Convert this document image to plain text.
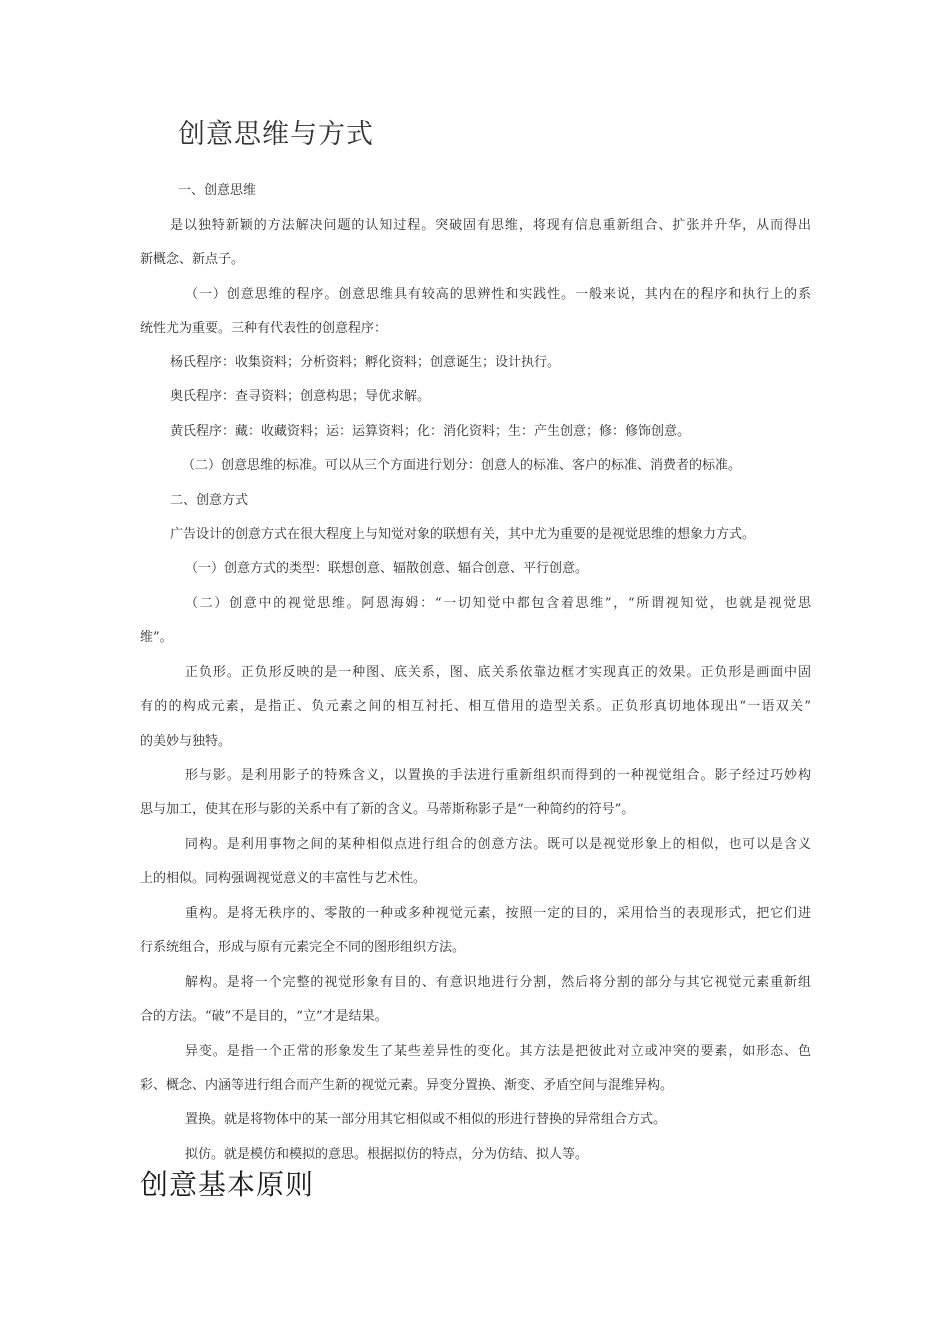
创意思维与方式
一、创意思维
是以独特新颖的方法解决问题的认知过程。突破固有思维，将现有信息重新组合、扩张并升华，从而得出
新概念、新点子。
（一）创意思维的程序。创意思维具有较高的思辨性和实践性。一般来说，其内在的程序和执行上的系
统性尤为重要。三种有代表性的创意程序：
杨氏程序：收集资料；分析资料；孵化资料；创意诞生；设计执行。
奥氏程序：查寻资料；创意构思；导优求解。
黄氏程序：藏：收藏资料；运：运算资料；化：消化资料；生：产生创意；修：修饰创意。
（二）创意思维的标准。可以从三个方面进行划分：创意人的标准、客户的标准、消费者的标准。
二、创意方式
广告设计的创意方式在很大程度上与知觉对象的联想有关，其中尤为重要的是视觉思维的想象力方式。
（一）创意方式的类型：联想创意、辐散创意、辐合创意、平行创意。
（二）创意中的视觉思维。阿恩海姆：“一切知觉中都包含着思维”，“所谓视知觉，也就是视觉思
维”。
正负形。正负形反映的是一种图、底关系，图、底关系依靠边框才实现真正的效果。正负形是画面中固
有的的构成元素，是指正、负元素之间的相互衬托、相互借用的造型关系。正负形真切地体现出“一语双关”
的美妙与独特。
形与影。是利用影子的特殊含义，以置换的手法进行重新组织而得到的一种视觉组合。影子经过巧妙构
思与加工，使其在形与影的关系中有了新的含义。马蒂斯称影子是“一种简约的符号”。
同构。是利用事物之间的某种相似点进行组合的创意方法。既可以是视觉形象上的相似，也可以是含义
上的相似。同构强调视觉意义的丰富性与艺术性。
重构。是将无秩序的、零散的一种或多种视觉元素，按照一定的目的，采用恰当的表现形式，把它们进
行系统组合，形成与原有元素完全不同的图形组织方法。
解构。是将一个完整的视觉形象有目的、有意识地进行分割，然后将分割的部分与其它视觉元素重新组
合的方法。“破”不是目的，“立”才是结果。
异变。是指一个正常的形象发生了某些差异性的变化。其方法是把彼此对立或冲突的要素，如形态、色
彩、概念、内涵等进行组合而产生新的视觉元素。异变分置换、渐变、矛盾空间与混维异构。
置换。就是将物体中的某一部分用其它相似或不相似的形进行替换的异常组合方式。
拟仿。就是模仿和模拟的意思。根据拟仿的特点，分为仿结、拟人等。
创意基本原则
